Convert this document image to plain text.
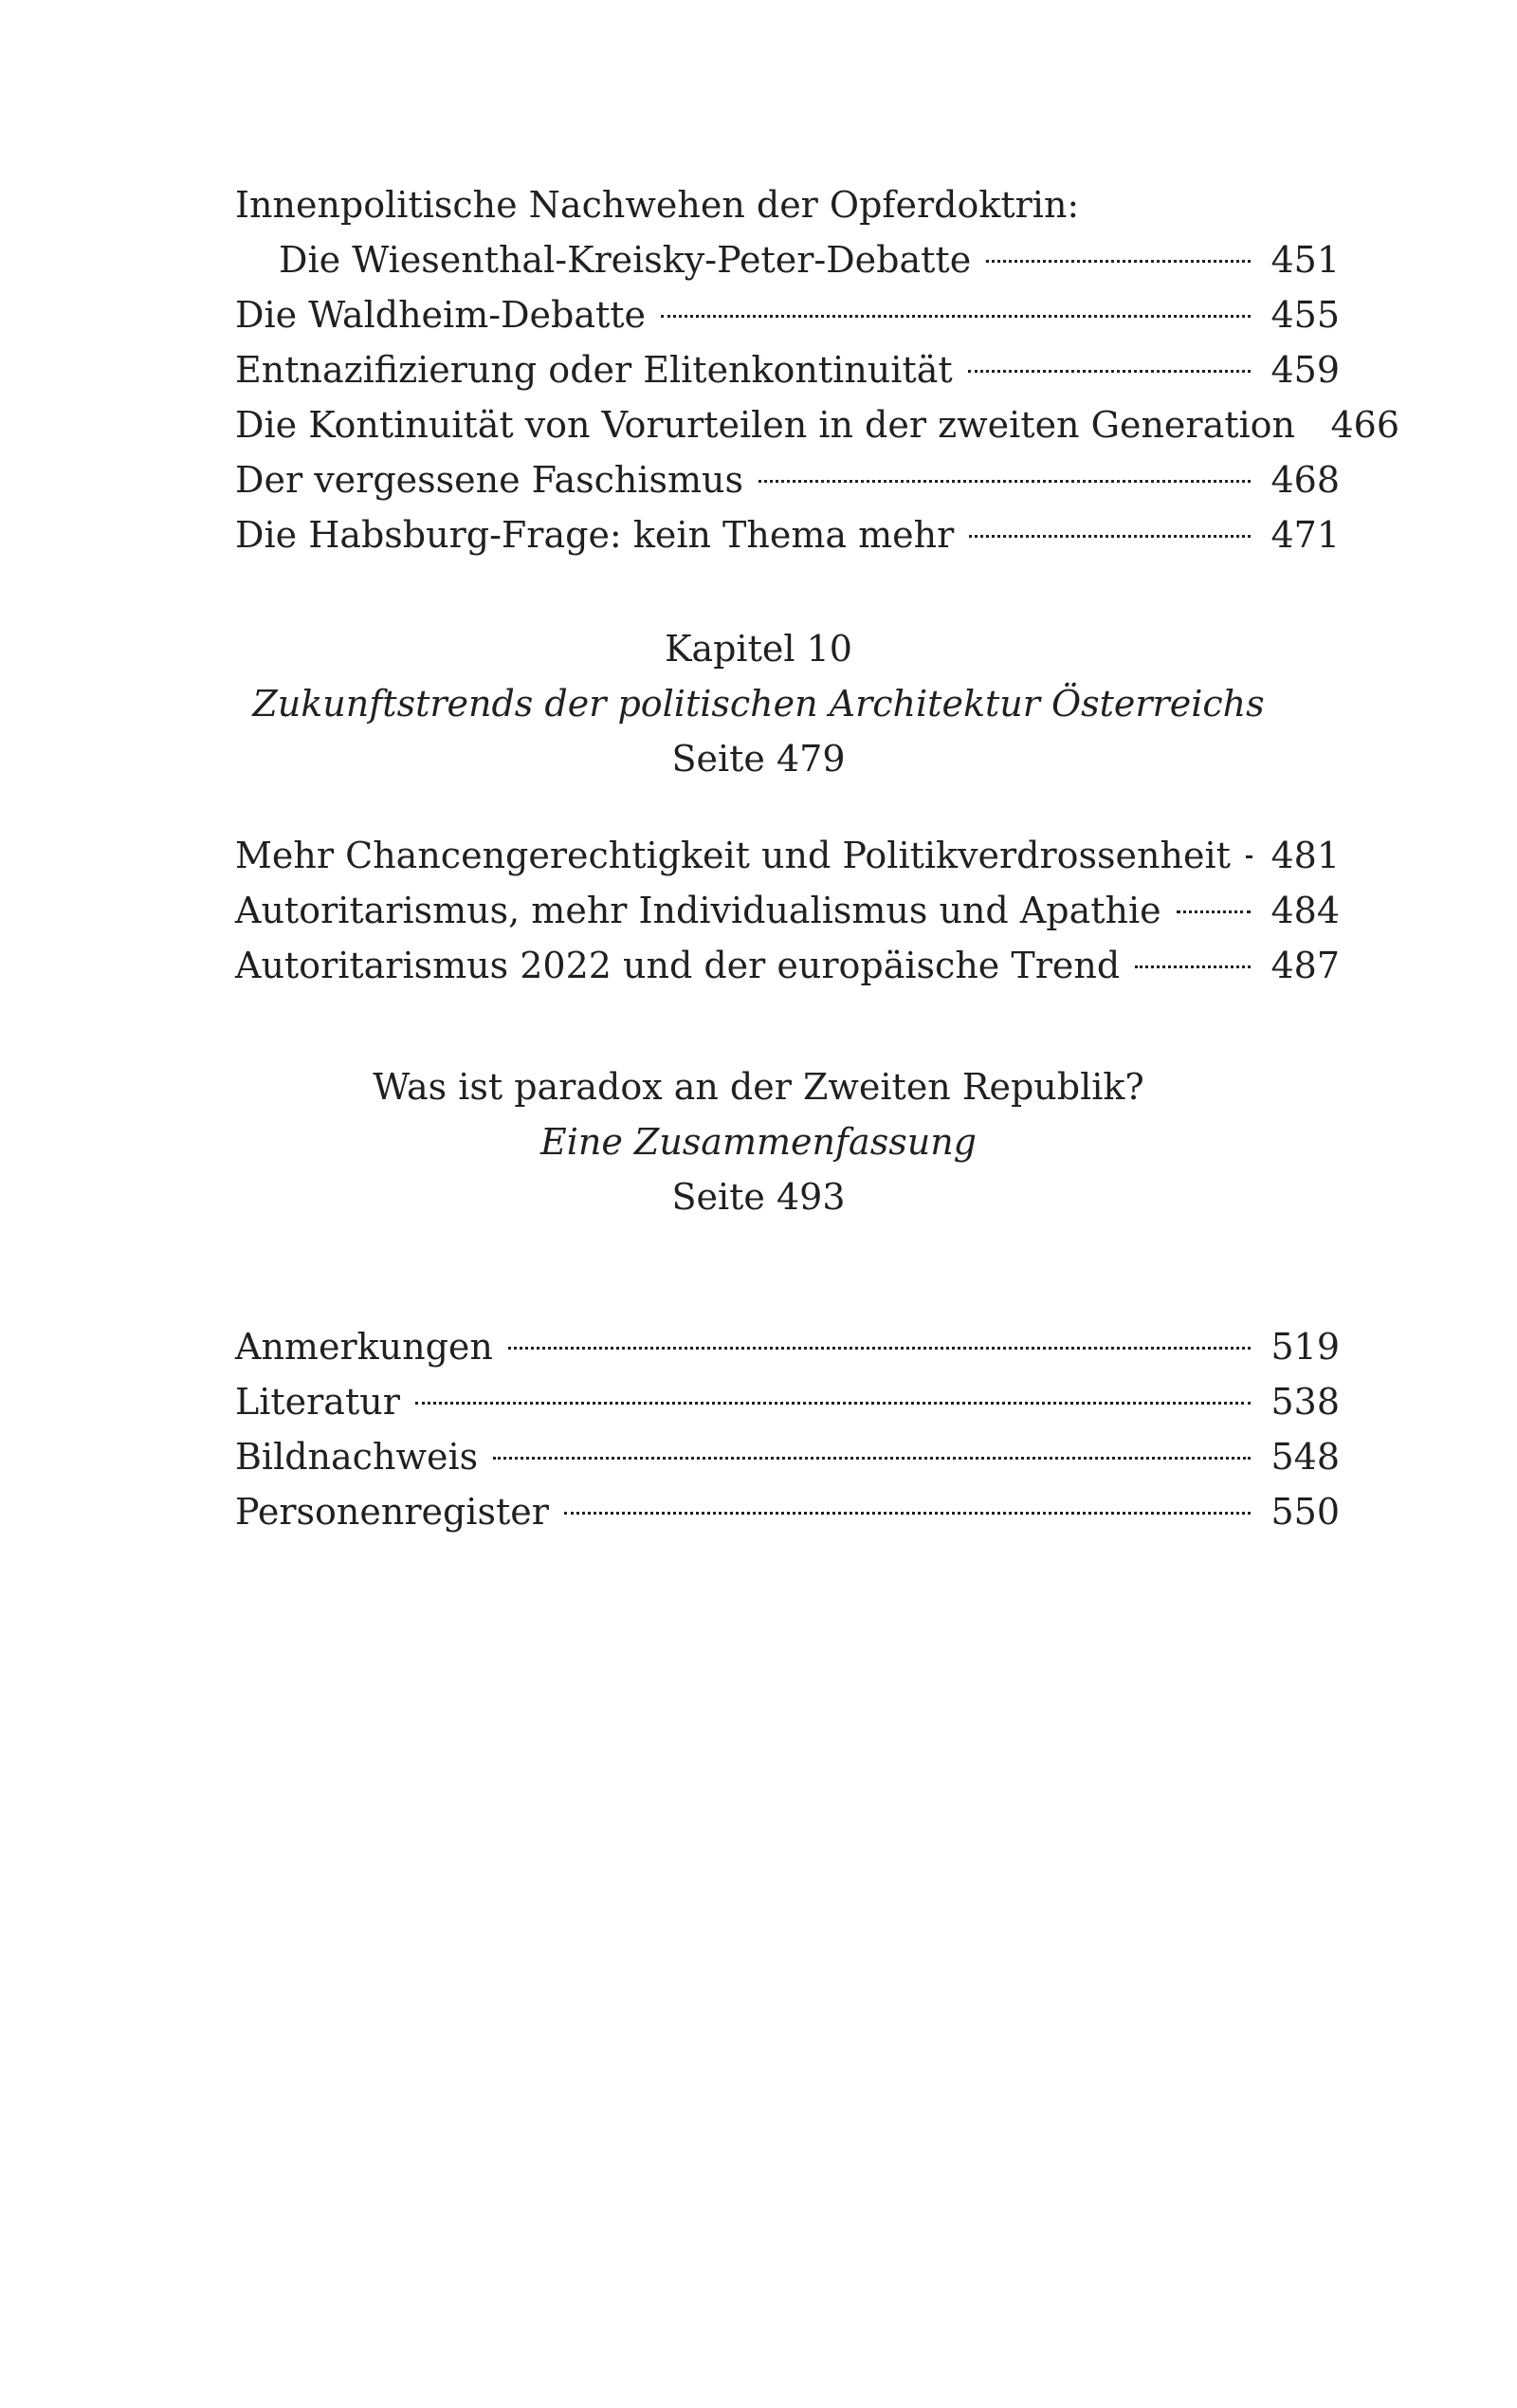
Innenpolitische Nachwehen der Opferdoktrin:
Die Wiesenthal-Kreisky-Peter-Debatte	451
Die Waldheim-Debatte	455
Entnazifizierung oder Elitenkontinuität	459
Die Kontinuität von Vorurteilen in der zweiten Generation 466
Der vergessene Faschismus	468
Die Habsburg-Frage: kein Thema mehr	471
Kapitel 10
Zukunftstrends der politischen Architektur Österreichs
Seite 479
Mehr Chancengerechtigkeit und Politikverdrossenheit 481
Autoritarismus, mehr Individualismus und Apathie	484
Autoritarismus 2022 und der europäische Trend	487
Was ist paradox an der Zweiten Republik?
Eine Zusammenfassung
Seite 493
Anmerkungen	519
Literatur	538
Bildnachweis	548
Personenregister	550
